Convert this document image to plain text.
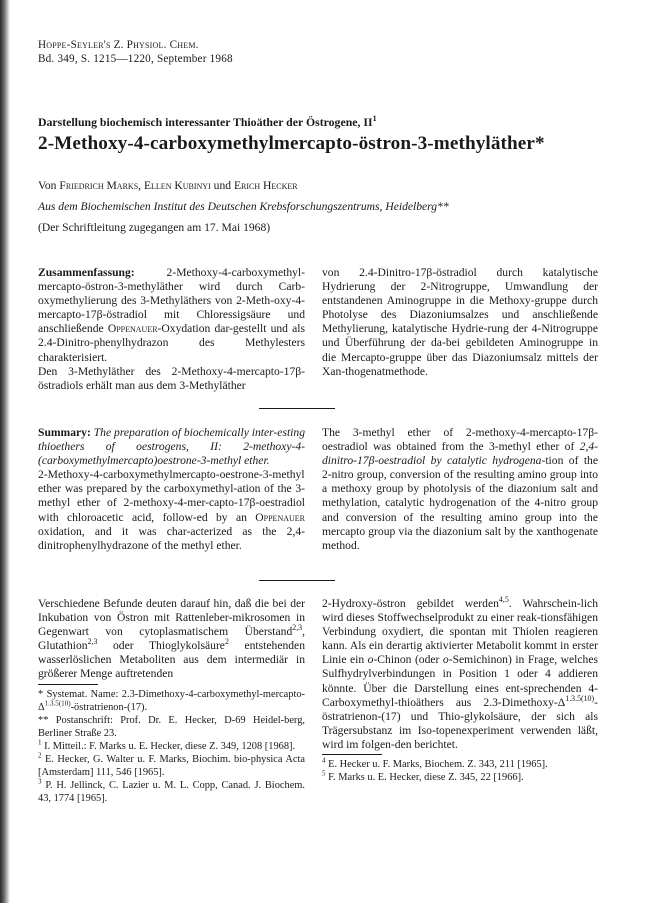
Hoppe-Seyler's Z. Physiol. Chem.
Bd. 349, S. 1215—1220, September 1968
Darstellung biochemisch interessanter Thioäther der Östrogene, $II^1$
2-Methoxy-4-carboxymethylmercapto-östron-3-methyläther*
Von Friedrich Marks, Ellen Kubinyi und Erich Hecker
Aus dem Biochemischen Institut des Deutschen Krebsforschungszentrums, Heidelberg**
(Der Schriftleitung zugegangen am 17. Mai 1968)

Zusammenfassung: 2-Methoxy-4-carboxymethyl-mercapto-östron-3-methyläther wird durch Carb-oxymethylierung des 3-Methyläthers von 2-Meth-oxy-4-mercapto-17β-östradiol mit Chloressigsäure und anschließende Oppenauer-Oxydation dar-gestellt und als 2.4-Dinitro-phenylhydrazon des Methylesters charakterisiert.

Den 3-Methyläther des 2-Methoxy-4-mercapto-17β-östradiols erhält man aus dem 3-Methyläther

von 2.4-Dinitro-17β-östradiol durch katalytische Hydrierung der 2-Nitrogruppe, Umwandlung der entstandenen Aminogruppe in die Methoxy-gruppe durch Photolyse des Diazoniumsalzes und anschließende Methylierung, katalytische Hydrie-rung der 4-Nitrogruppe und Überführung der da-bei gebildeten Aminogruppe in die Mercapto-gruppe über das Diazoniumsalz mittels der Xan-thogenatmethode.

Summary: The preparation of biochemically inter-esting thioethers of oestrogens, II: 2-methoxy-4-(carboxymethylmercapto)oestrone-3-methyl ether.

2-Methoxy-4-carboxymethylmercapto-oestrone-3-methyl ether was prepared by the carboxymethyl-ation of the 3-methyl ether of 2-methoxy-4-mer-capto-17β-oestradiol with chloroacetic acid, follow-ed by an Oppenauer oxidation, and it was char-acterized as the 2,4-dinitrophenylhydrazone of the methyl ether.

The 3-methyl ether of 2-methoxy-4-mercapto-17β-oestradiol was obtained from the 3-methyl ether of 2,4-dinitro-17β-oestradiol by catalytic hydrogena-tion of the 2-nitro group, conversion of the resulting amino group into a methoxy group by photolysis of the diazonium salt and methylation, catalytic hydrogenation of the 4-nitro group and conversion of the resulting amino group into the mercapto group via the diazonium salt by the xanthogenate method.

Verschiedene Befunde deuten darauf hin, daß die bei der Inkubation von Östron mit Rattenleber-mikrosomen in Gegenwart von cytoplasmatischem Überstand$^{2,3}$, Glutathion$^{2,3}$ oder Thioglykolsäure$^2$ entstehenden wasserlöslichen Metaboliten aus dem intermediär in größerer Menge auftretenden

* Systemat. Name: $2.3-Dimethoxy-4-carboxymethyl-mercapto-\Delta^{1.3.5(10)}-östratrienon-(17)$.

** Postanschrift: Prof. Dr. E. Hecker, D-69 Heidel-berg, Berliner Straße 23.

$^1$ I. Mitteil.: F. Marks u. E. Hecker, diese Z. 349, 1208 [1968].

$^2$ E. Hecker, G. Walter u. F. Marks, Biochim. bio-physica Acta [Amsterdam] 111, 546 [1965].

$^3$ P. H. Jellinck, C. Lazier u. M. L. Copp, Canad. J. Biochem. 43, 1774 [1965].

2-Hydroxy-östron gebildet werden$^{4,5}$. Wahrschein-lich wird dieses Stoffwechselprodukt zu einer reak-tionsfähigen Verbindung oxydiert, die spontan mit Thiolen reagieren kann. Als ein derartig aktivierter Metabolit kommt in erster Linie ein o-Chinon (oder o-Semichinon) in Frage, welches Sulfhydrylverbindungen in Position 1 oder 4 addieren könnte. Über die Darstellung eines ent-sprechenden 4-Carboxymethyl-thioäthers aus $2.3-Dimethoxy-\Delta^{1.3.5(10)}-östratrienon-(17)$ und Thio-glykolsäure, der sich als Trägersubstanz im Iso-topenexperiment verwenden läßt, wird im folgen-den berichtet.

$^4$ E. Hecker u. F. Marks, Biochem. Z. 343, 211 [1965].

$^5$ F. Marks u. E. Hecker, diese Z. 345, 22 [1966].
